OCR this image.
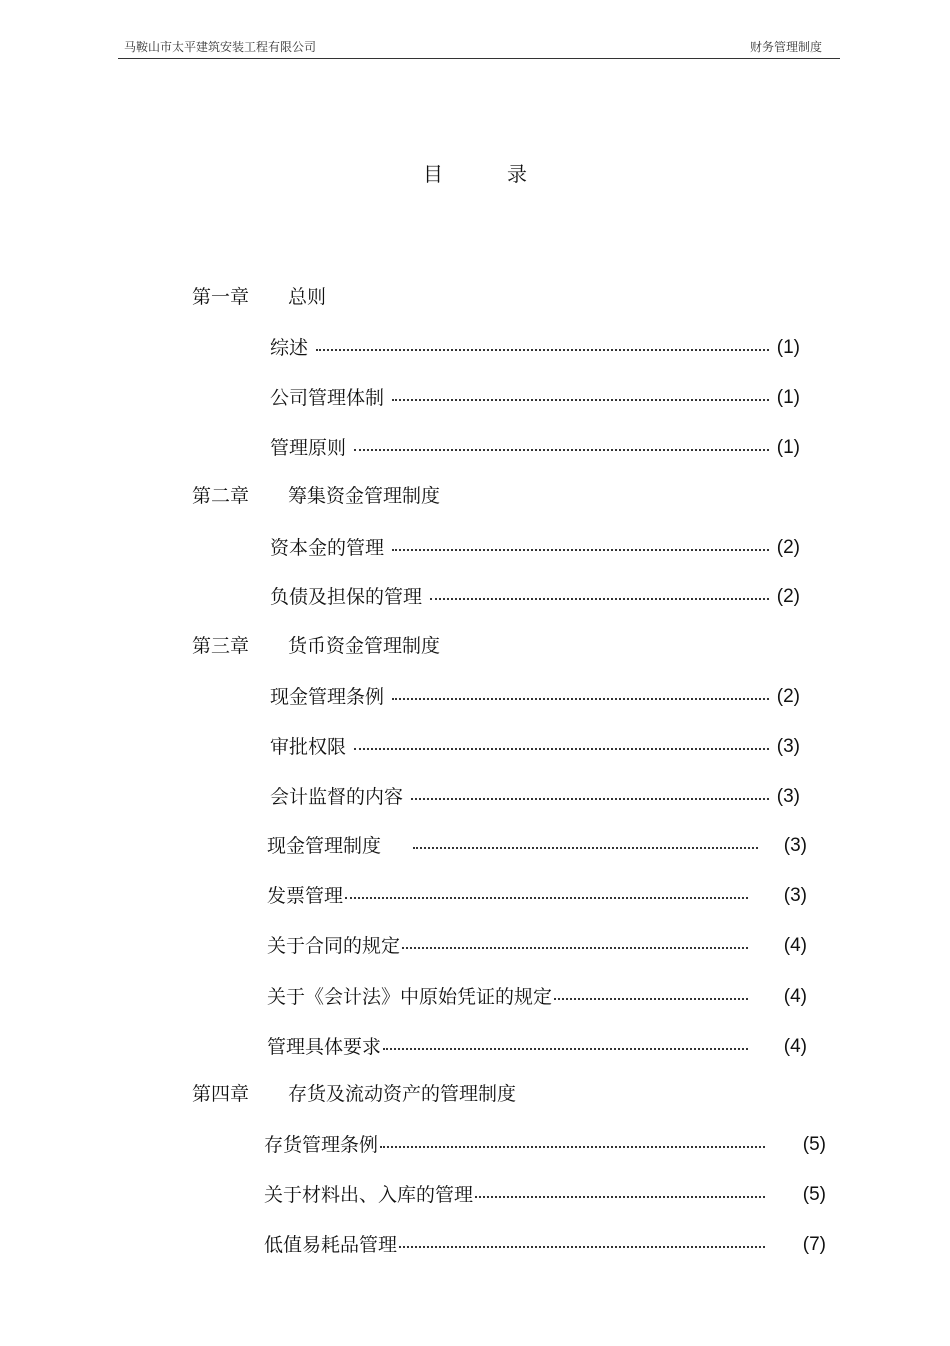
马鞍山市太平建筑安装工程有限公司	财务管理制度
目	录
第一章 总则
综述	(1)
公司管理体制	(1)
管理原则	(1)
第二章 筹集资金管理制度
资本金的管理	(2)
负债及担保的管理	(2)
第三章 货币资金管理制度
现金管理条例	(2)
审批权限	(3)
会计监督的内容	(3)
现金管理制度	(3)
发票管理	(3)
关于合同的规定	(4)
关于《会计法》中原始凭证的规定	(4)
管理具体要求	(4)
第四章 存货及流动资产的管理制度
存货管理条例	(5)
关于材料出、入库的管理	(5)
低值易耗品管理	(7)
